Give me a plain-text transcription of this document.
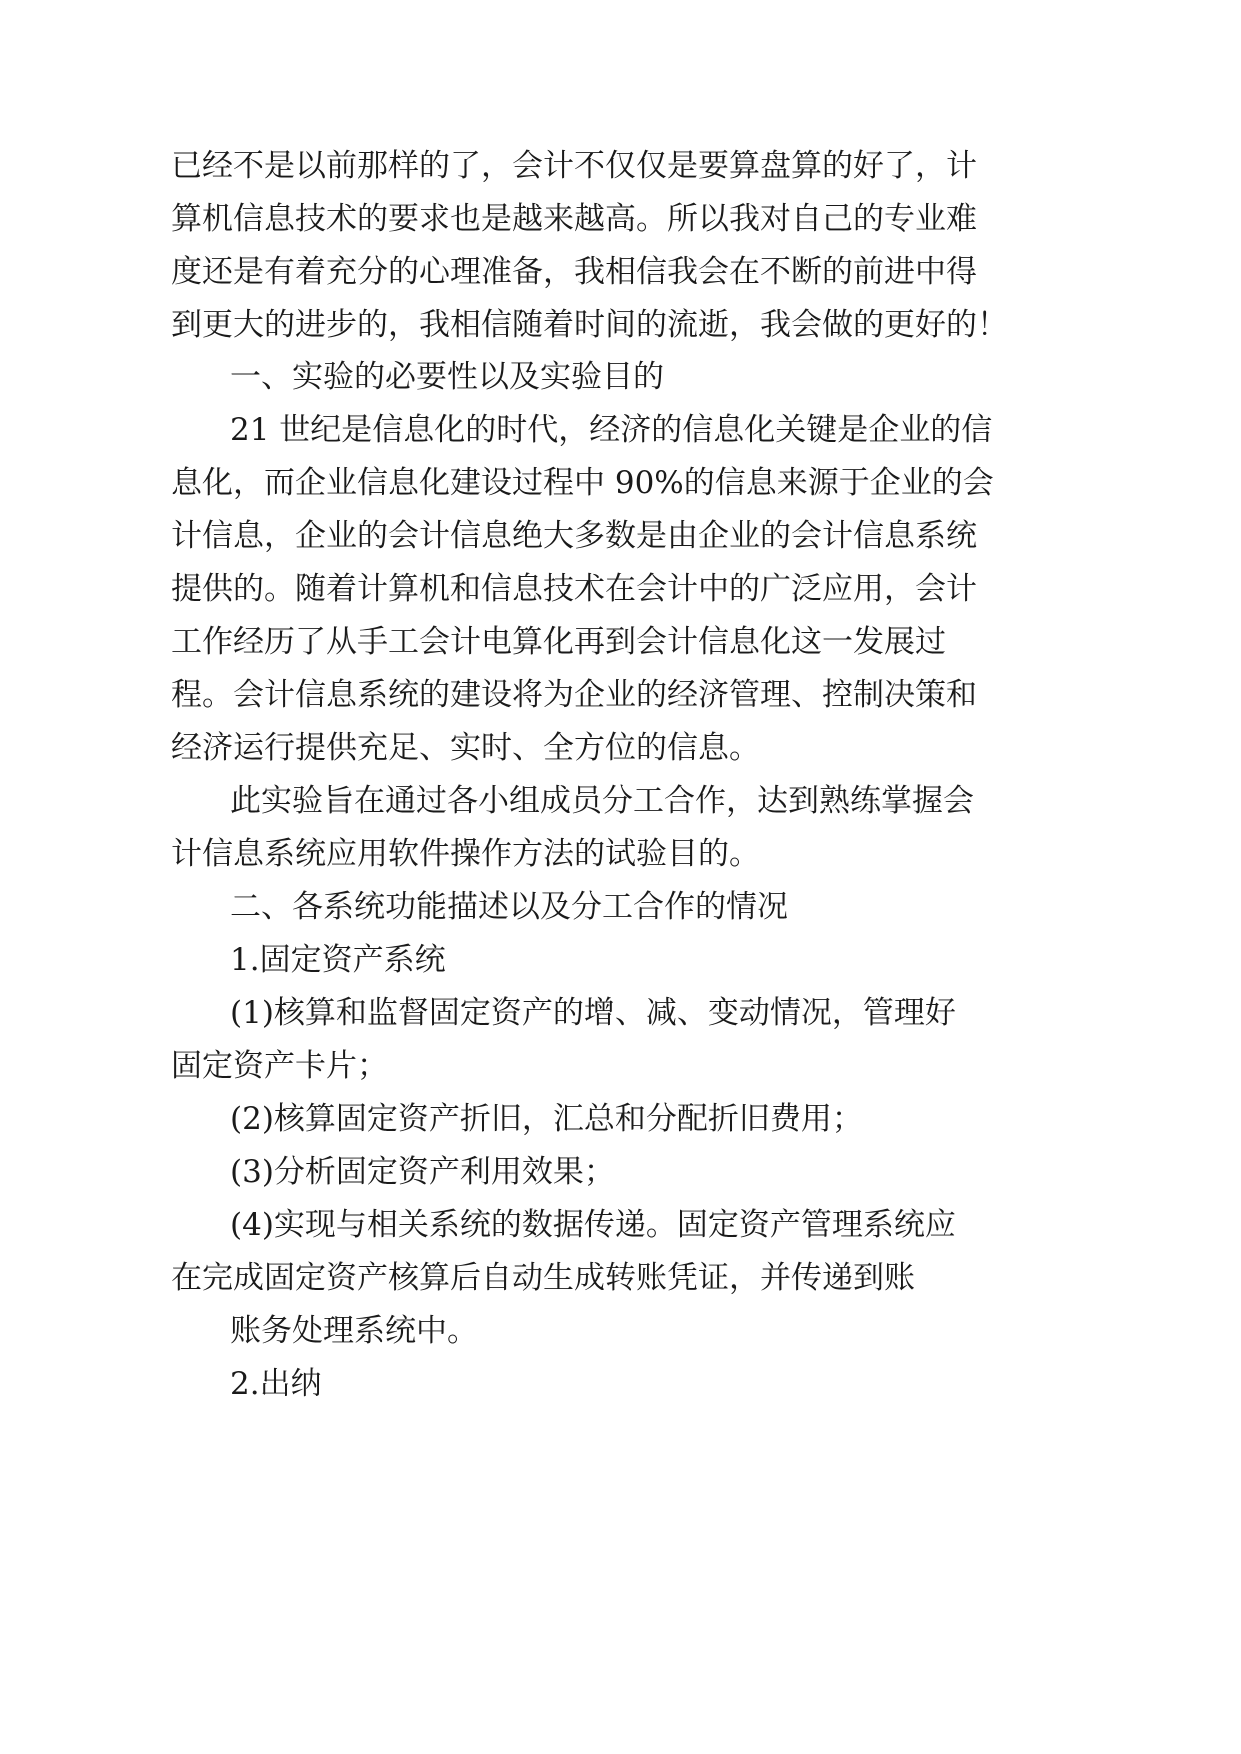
已经不是以前那样的了，会计不仅仅是要算盘算的好了，计
算机信息技术的要求也是越来越高。所以我对自己的专业难
度还是有着充分的心理准备，我相信我会在不断的前进中得
到更大的进步的，我相信随着时间的流逝，我会做的更好的！
一、实验的必要性以及实验目的
21 世纪是信息化的时代，经济的信息化关键是企业的信
息化，而企业信息化建设过程中 90%的信息来源于企业的会
计信息，企业的会计信息绝大多数是由企业的会计信息系统
提供的。随着计算机和信息技术在会计中的广泛应用，会计
工作经历了从手工会计电算化再到会计信息化这一发展过
程。会计信息系统的建设将为企业的经济管理、控制决策和
经济运行提供充足、实时、全方位的信息。
此实验旨在通过各小组成员分工合作，达到熟练掌握会
计信息系统应用软件操作方法的试验目的。
二、各系统功能描述以及分工合作的情况
1.固定资产系统
(1)核算和监督固定资产的增、减、变动情况，管理好
固定资产卡片；
(2)核算固定资产折旧，汇总和分配折旧费用；
(3)分析固定资产利用效果；
(4)实现与相关系统的数据传递。固定资产管理系统应
在完成固定资产核算后自动生成转账凭证，并传递到账
账务处理系统中。
2.出纳
